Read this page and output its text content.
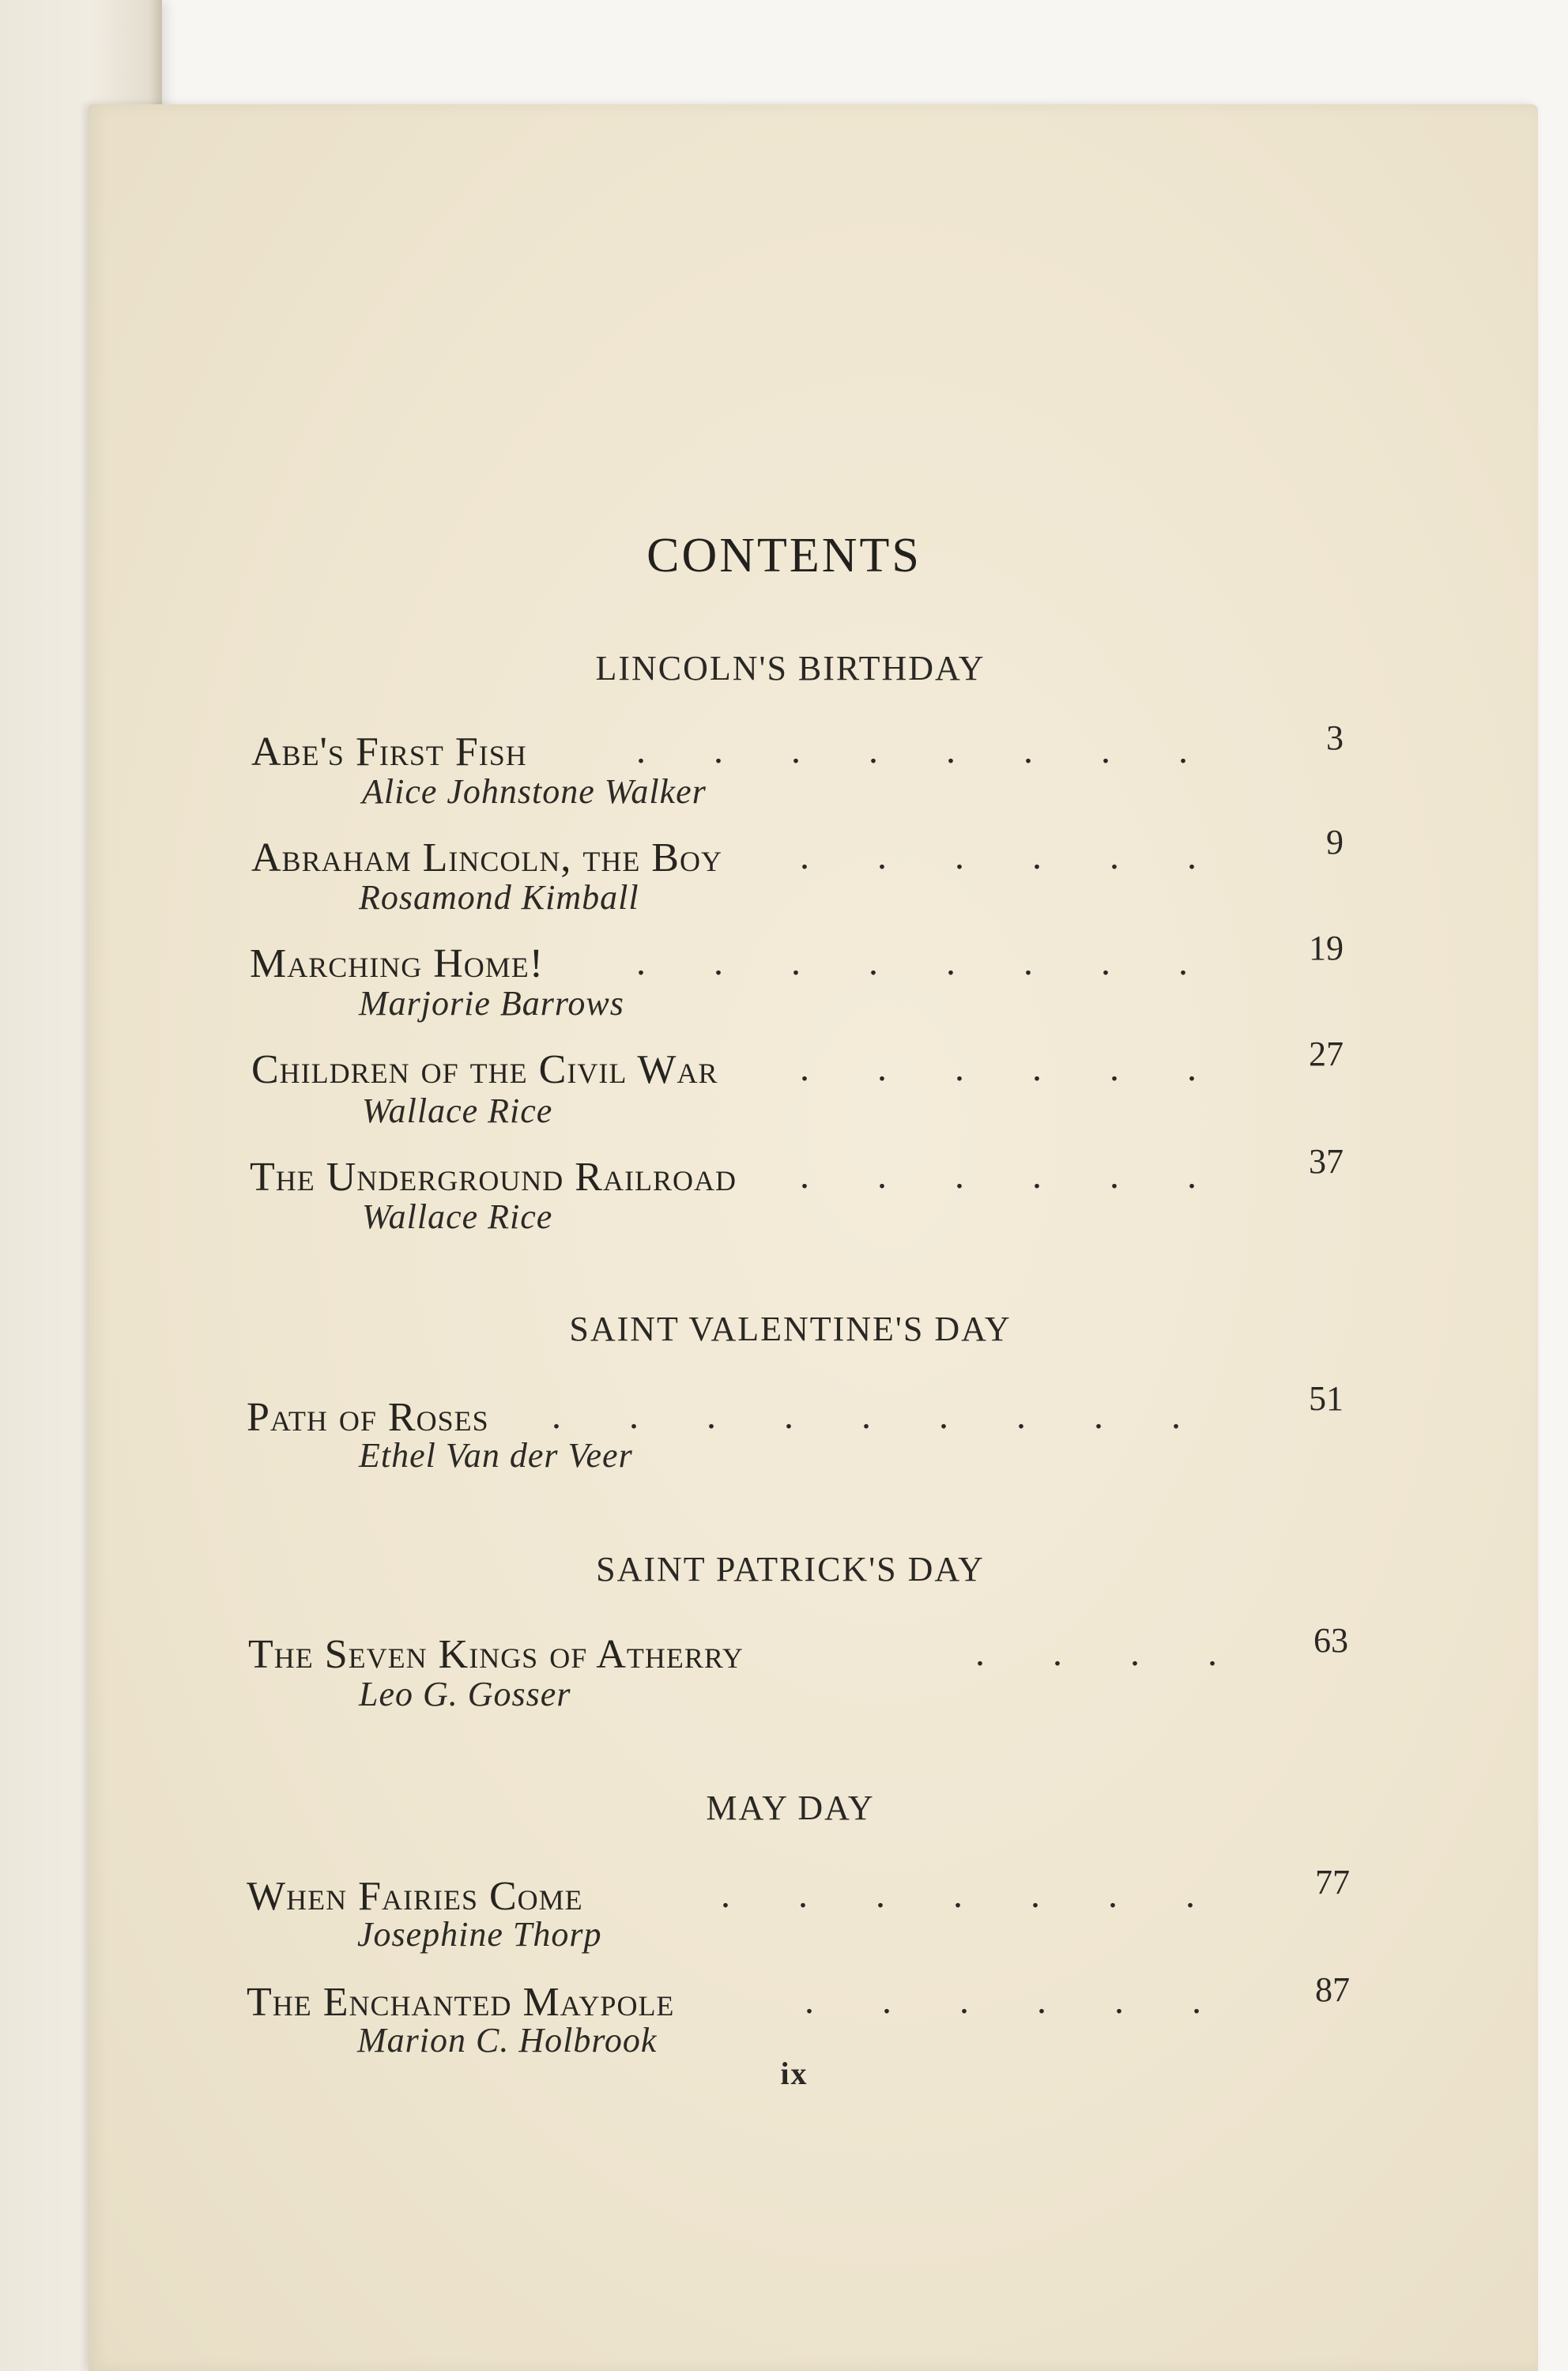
CONTENTS
LINCOLN'S BIRTHDAY
Abe's First Fish	. . . . . . . .	3
Alice Johnstone Walker
Abraham Lincoln, the Boy . . . . . .	9
Rosamond Kimball
Marching Home! . . . . . . . .	19
Marjorie Barrows
Children of the Civil War . . . . . .	27
Wallace Rice
The Underground Railroad . . . . . .	37
Wallace Rice
SAINT VALENTINE'S DAY
Path of Roses . . . . . . . . .	51
Ethel Van der Veer
SAINT PATRICK'S DAY
The Seven Kings of Atherry	. . . .	63
Leo G. Gosser
MAY DAY
When Fairies Come	. . . . . . .	77
Josephine Thorp
The Enchanted Maypole	. . . . . .	87
Marion C. Holbrook
ix
